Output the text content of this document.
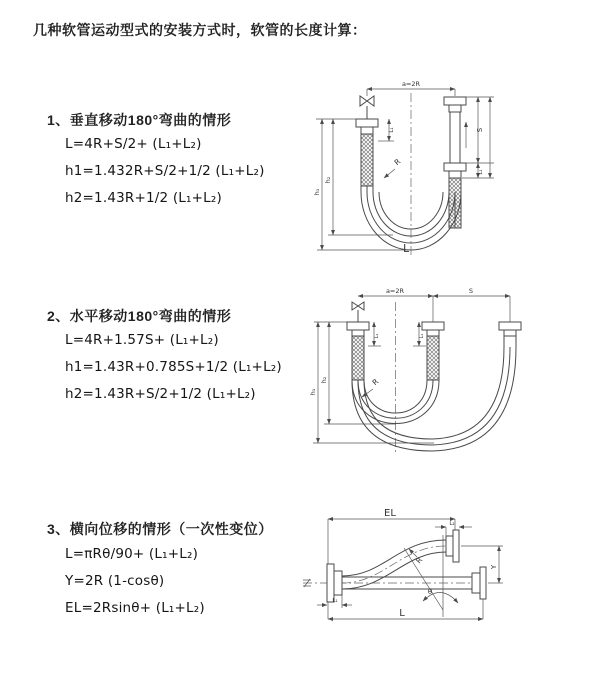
几种软管运动型式的安装方式时，软管的长度计算：
1、垂直移动180°弯曲的情形
L=4R+S/2+ (L₁+L₂)
h1=1.432R+S/2+1/2 (L₁+L₂)
h2=1.43R+1/2 (L₁+L₂)
2、水平移动180°弯曲的情形
L=4R+1.57S+ (L₁+L₂)
h1=1.43R+0.785S+1/2 (L₁+L₂)
h2=1.43R+S/2+1/2 (L₁+L₂)
3、横向位移的情形（一次性变位）
L=πRθ/90+ (L₁+L₂)
Y=2R (1-cosθ)
EL=2Rsinθ+ (L₁+L₂)
a=2R
L₁
h₁
h₂
R
L
S
L₁
a=2R	S
L₁	L₁
h₁
h₂	R
EL
L₂
Y
R
θ
L₁
L
